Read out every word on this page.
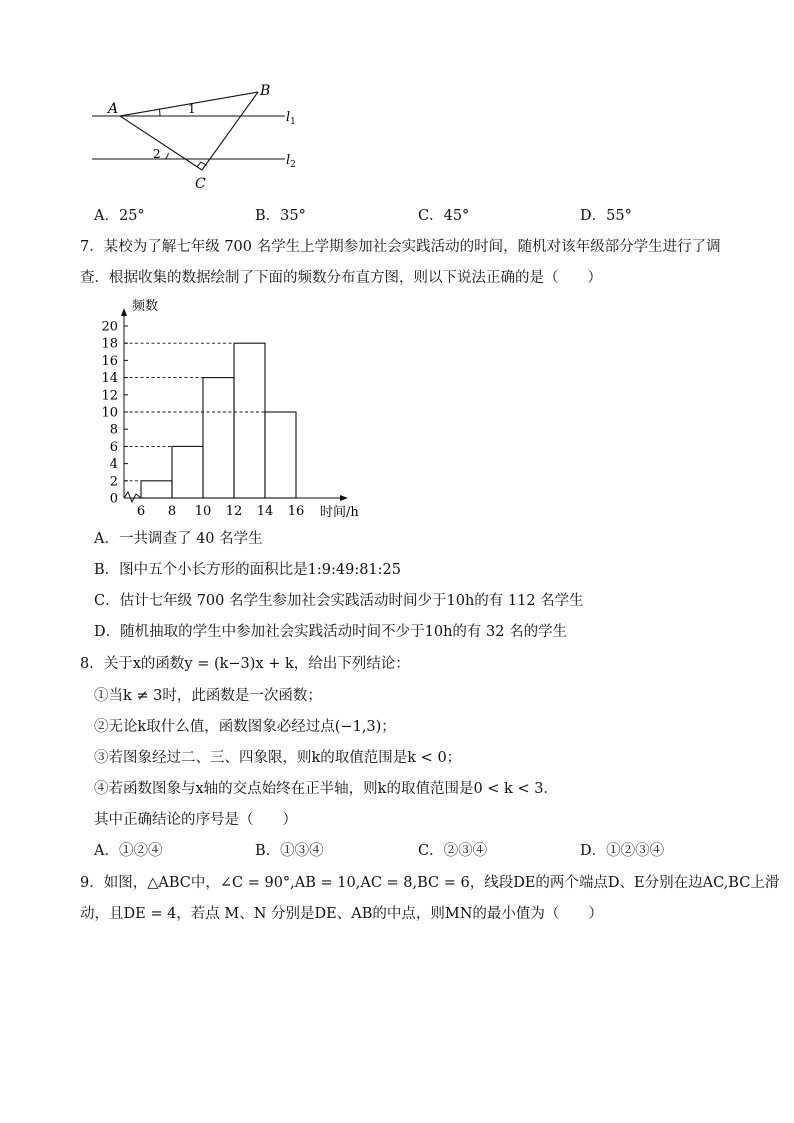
A
B
C
1
2
$l_1$
$l_2$
A．25°	B．35°	C．45°	D．55°
7．某校为了解七年级 700 名学生上学期参加社会实践活动的时间，随机对该年级部分学生进行了调
查．根据收集的数据绘制了下面的频数分布直方图，则以下说法正确的是（　　）
0
2
4
6
8
10
12
14
16
18
20
6 8 10 12 14 16
频数
时间/h
A．一共调查了 40 名学生
B．图中五个小长方形的面积比是1:9:49:81:25
C．估计七年级 700 名学生参加社会实践活动时间少于10h的有 112 名学生
D．随机抽取的学生中参加社会实践活动时间不少于10h的有 32 名的学生
8．关于x的函数y = (k−3)x + k，给出下列结论：
①当k ≠ 3时，此函数是一次函数；
②无论k取什么值，函数图象必经过点(−1,3)；
③若图象经过二、三、四象限，则k的取值范围是k < 0；
④若函数图象与x轴的交点始终在正半轴，则k的取值范围是0 < k < 3．
其中正确结论的序号是（　　）
A．①②④	B．①③④	C．②③④	D．①②③④
9．如图，△ABC中，∠C = 90°,AB = 10,AC = 8,BC = 6，线段DE的两个端点D、E分别在边AC,BC上滑
动，且DE = 4，若点 M、N 分别是DE、AB的中点，则MN的最小值为（　　）
